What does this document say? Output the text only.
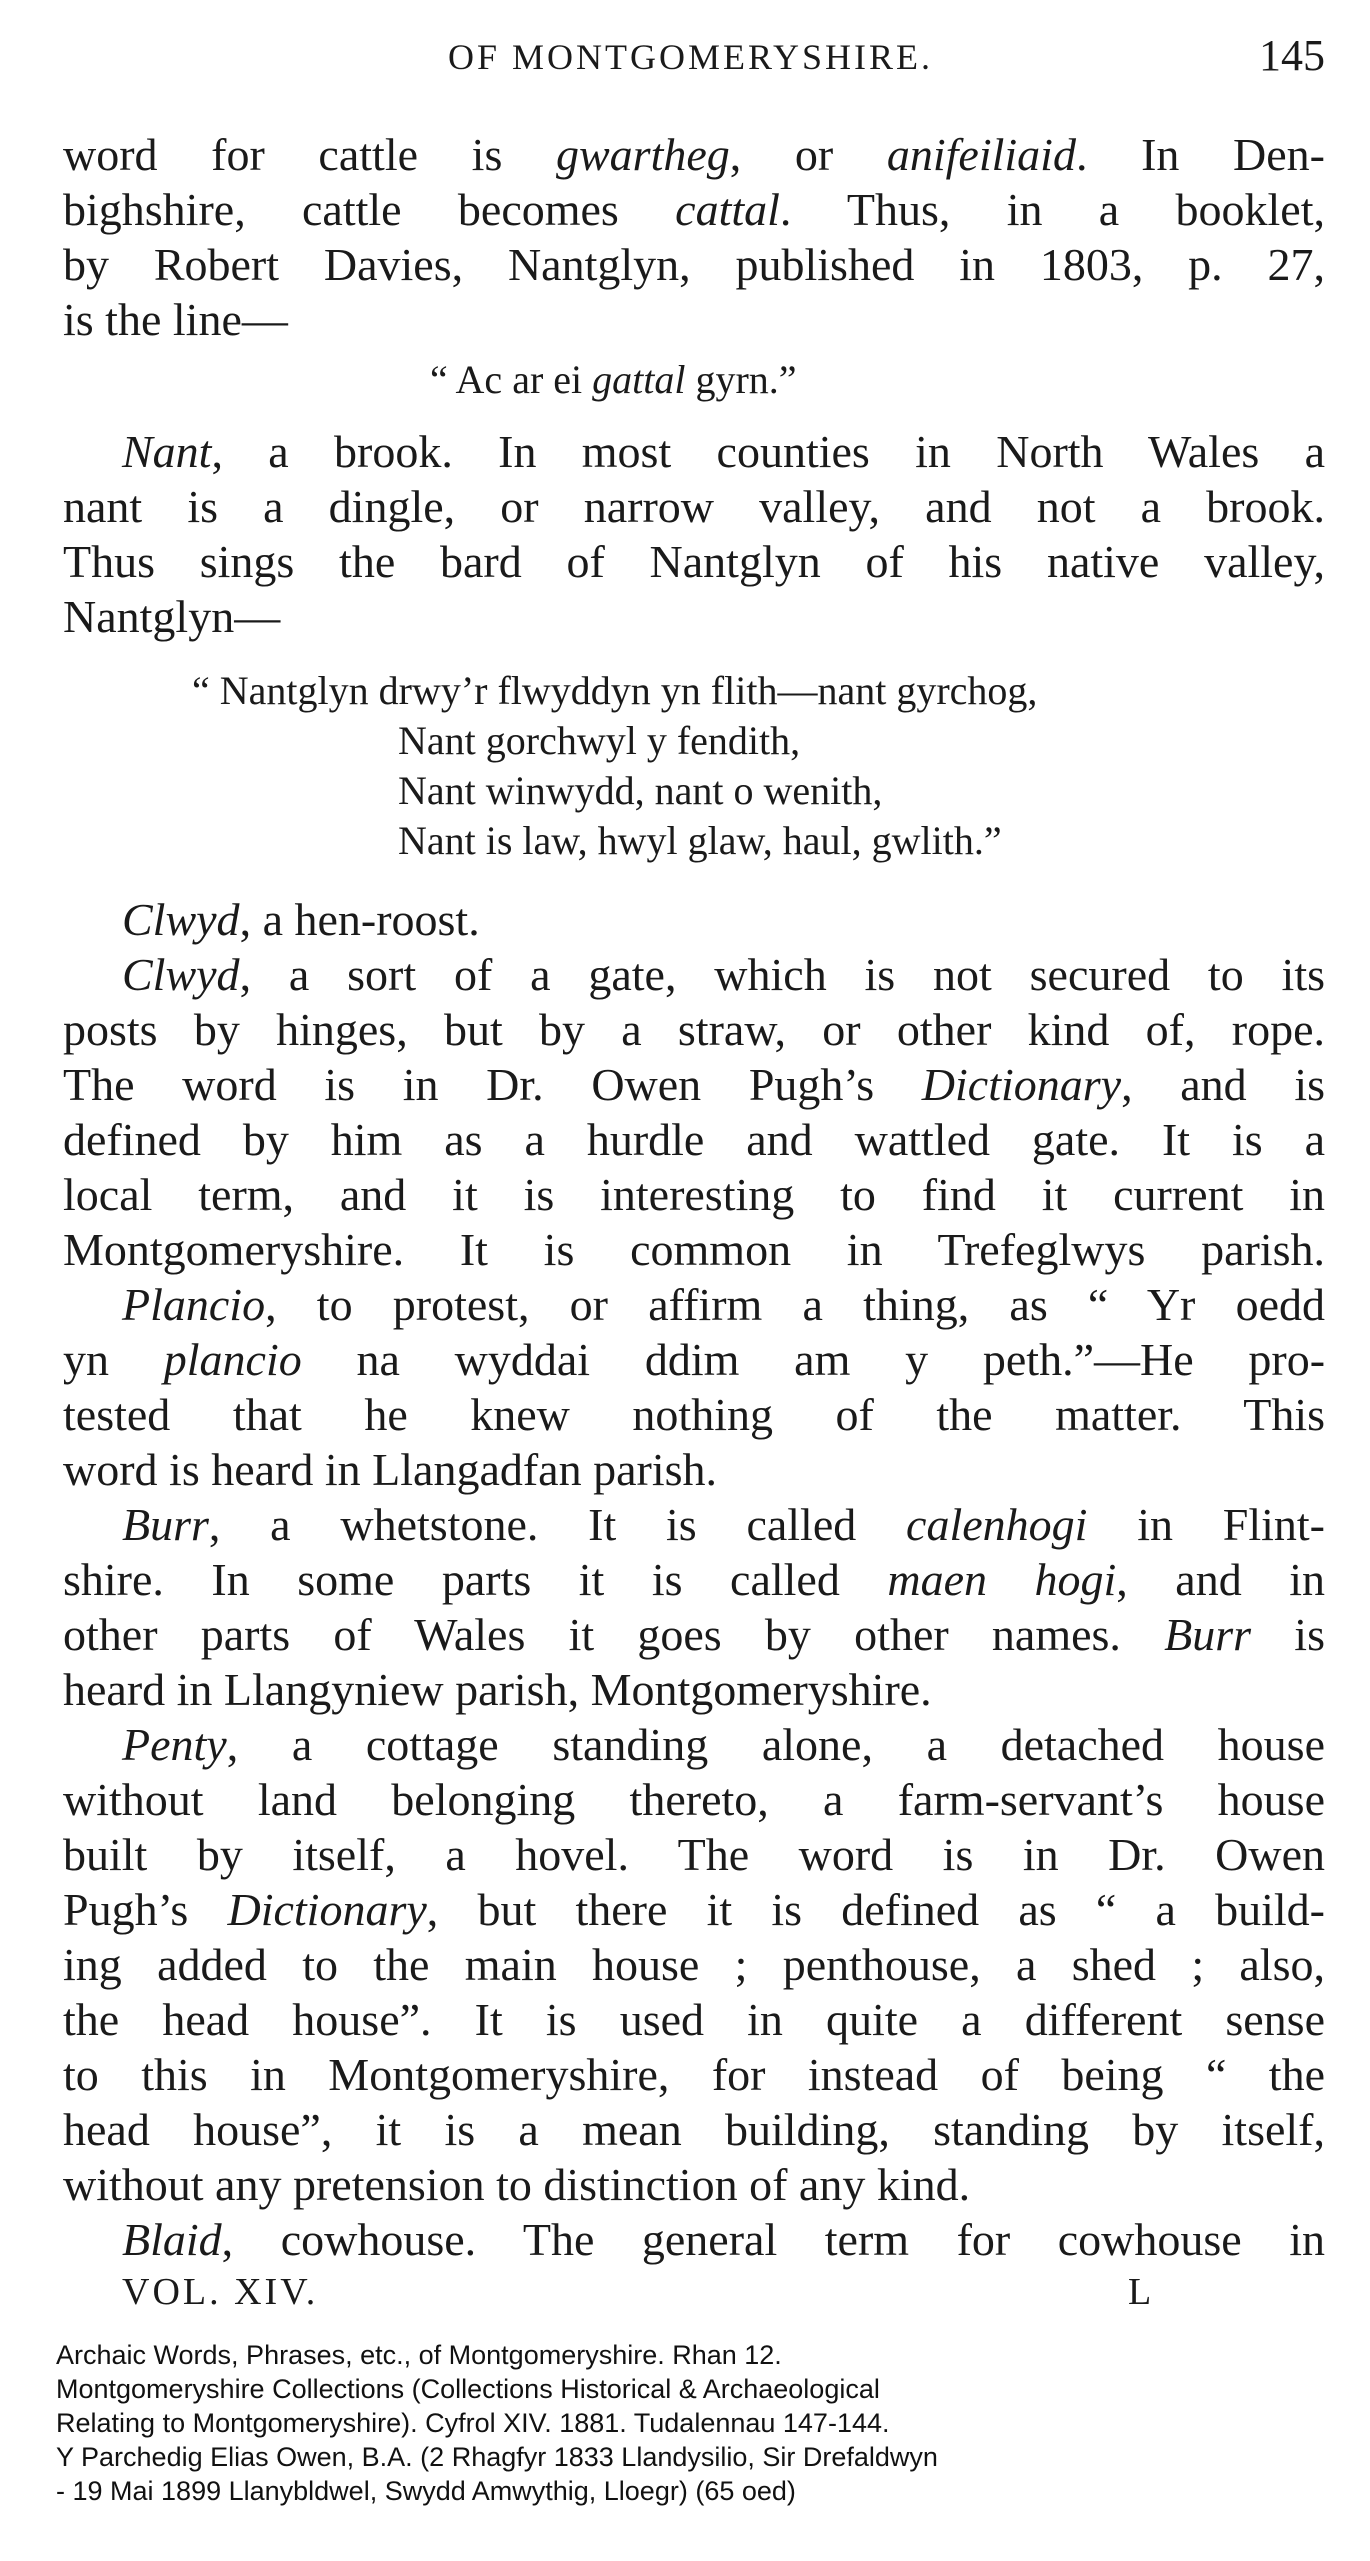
OF MONTGOMERYSHIRE.	145
word for cattle is gwartheg, or anifeiliaid. In Den-
bighshire, cattle becomes cattal. Thus, in a booklet,
by Robert Davies, Nantglyn, published in 1803, p. 27,
is the line—
“ Ac ar ei gattal gyrn.”
Nant, a brook. In most counties in North Wales a
nant is a dingle, or narrow valley, and not a brook.
Thus sings the bard of Nantglyn of his native valley,
Nantglyn—
“ Nantglyn drwy’r flwyddyn yn flith—nant gyrchog,
Nant gorchwyl y fendith,
Nant winwydd, nant o wenith,
Nant is law, hwyl glaw, haul, gwlith.”
Clwyd, a hen-roost.
Clwyd, a sort of a gate, which is not secured to its
posts by hinges, but by a straw, or other kind of, rope.
The word is in Dr. Owen Pugh’s Dictionary, and is
defined by him as a hurdle and wattled gate. It is a
local term, and it is interesting to find it current in
Montgomeryshire. It is common in Trefeglwys parish.
Plancio, to protest, or affirm a thing, as “ Yr oedd
yn plancio na wyddai ddim am y peth.”—He pro-
tested that he knew nothing of the matter. This
word is heard in Llangadfan parish.
Burr, a whetstone. It is called calenhogi in Flint-
shire. In some parts it is called maen hogi, and in
other parts of Wales it goes by other names. Burr is
heard in Llangyniew parish, Montgomeryshire.
Penty, a cottage standing alone, a detached house
without land belonging thereto, a farm-servant’s house
built by itself, a hovel. The word is in Dr. Owen
Pugh’s Dictionary, but there it is defined as “ a build-
ing added to the main house ; penthouse, a shed ; also,
the head house”. It is used in quite a different sense
to this in Montgomeryshire, for instead of being “ the
head house”, it is a mean building, standing by itself,
without any pretension to distinction of any kind.
Blaid, cowhouse. The general term for cowhouse in
VOL. XIV.	L
Archaic Words, Phrases, etc., of Montgomeryshire. Rhan 12.
Montgomeryshire Collections (Collections Historical & Archaeological
Relating to Montgomeryshire). Cyfrol XIV. 1881. Tudalennau 147-144.
Y Parchedig Elias Owen, B.A. (2 Rhagfyr 1833 Llandysilio, Sir Drefaldwyn
- 19 Mai 1899 Llanybldwel, Swydd Amwythig, Lloegr) (65 oed)
